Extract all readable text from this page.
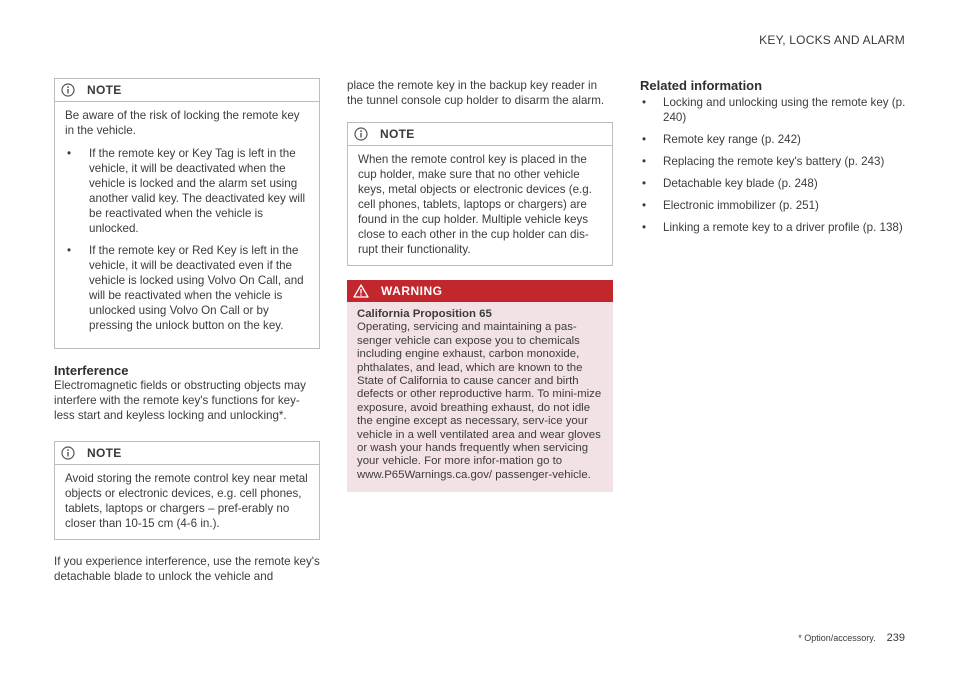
KEY, LOCKS AND ALARM
NOTE

Be aware of the risk of locking the remote key in the vehicle.

• If the remote key or Key Tag is left in the vehicle, it will be deactivated when the vehicle is locked and the alarm set using another valid key. The deactivated key will be reactivated when the vehicle is unlocked.
• If the remote key or Red Key is left in the vehicle, it will be deactivated even if the vehicle is locked using Volvo On Call, and will be reactivated when the vehicle is unlocked using Volvo On Call or by pressing the unlock button on the key.
Interference

Electromagnetic fields or obstructing objects may interfere with the remote key's functions for key-less start and keyless locking and unlocking*.

NOTE

Avoid storing the remote control key near metal objects or electronic devices, e.g. cell phones, tablets, laptops or chargers – pref-erably no closer than 10-15 cm (4-6 in.).

If you experience interference, use the remote key's detachable blade to unlock the vehicle and

place the remote key in the backup key reader in the tunnel console cup holder to disarm the alarm.

NOTE

When the remote control key is placed in the cup holder, make sure that no other vehicle keys, metal objects or electronic devices (e.g. cell phones, tablets, laptops or chargers) are found in the cup holder. Multiple vehicle keys close to each other in the cup holder can dis-rupt their functionality.

WARNING

California Proposition 65

Operating, servicing and maintaining a pas-senger vehicle can expose you to chemicals including engine exhaust, carbon monoxide, phthalates, and lead, which are known to the State of California to cause cancer and birth defects or other reproductive harm. To mini-mize exposure, avoid breathing exhaust, do not idle the engine except as necessary, serv-ice your vehicle in a well ventilated area and wear gloves or wash your hands frequently when servicing your vehicle. For more infor-mation go to www.P65Warnings.ca.gov/ passenger-vehicle.

Related information
• Locking and unlocking using the remote key (p. 240)
• Remote key range (p. 242)
• Replacing the remote key's battery (p. 243)
• Detachable key blade (p. 248)
• Electronic immobilizer (p. 251)
• Linking a remote key to a driver profile (p. 138)
* Option/accessory. 239
